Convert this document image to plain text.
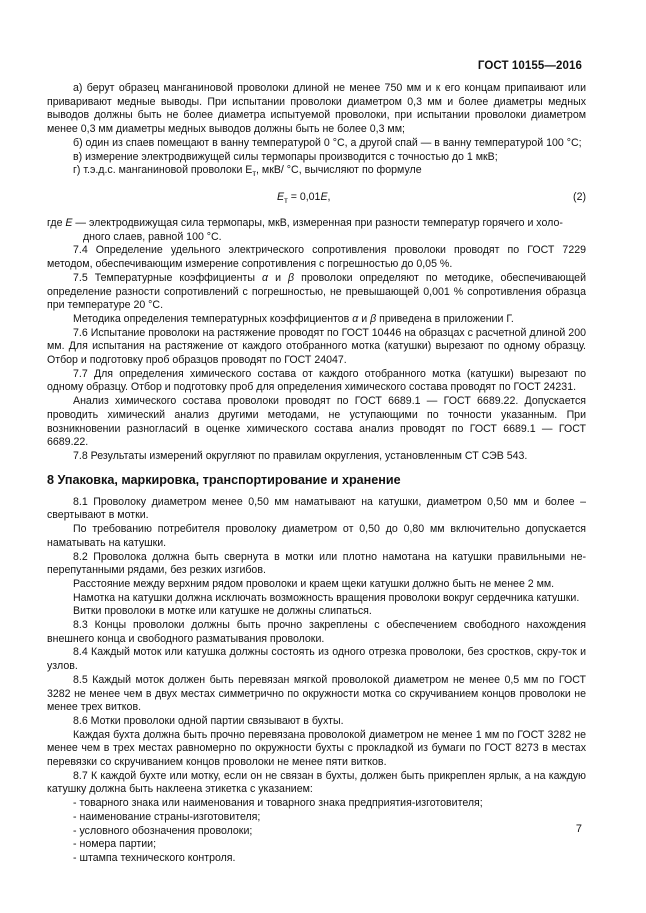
ГОСТ 10155—2016

а) берут образец манганиновой проволоки длиной не менее 750 мм и к его концам припаивают или приваривают медные выводы. При испытании проволоки диаметром 0,3 мм и более диаметры медных выводов должны быть не более диаметра испытуемой проволоки, при испытании проволоки диаметром менее 0,3 мм диаметры медных выводов должны быть не более 0,3 мм;

б) один из спаев помещают в ванну температурой 0 °С, а другой спай — в ванну температурой 100 °С;

в) измерение электродвижущей силы термопары производится с точностью до 1 мкВ;

г) т.э.д.с. манганиновой проволоки $E_т$, мкВ/ °С, вычисляют по формуле

$E_т = 0,01E$,	(2)
где E — электродвижущая сила термопары, мкВ, измеренная при разности температур горячего и холо-
дного слаев, равной 100 °С.

7.4 Определение удельного электрического сопротивления проволоки проводят по ГОСТ 7229 методом, обеспечивающим измерение сопротивления с погрешностью до 0,05 %.

7.5 Температурные коэффициенты α и β проволоки определяют по методике, обеспечивающей определение разности сопротивлений с погрешностью, не превышающей 0,001 % сопротивления образца при температуре 20 °С.

Методика определения температурных коэффициентов α и β приведена в приложении Г.

7.6 Испытание проволоки на растяжение проводят по ГОСТ 10446 на образцах с расчетной длиной 200 мм. Для испытания на растяжение от каждого отобранного мотка (катушки) вырезают по одному образцу. Отбор и подготовку проб образцов проводят по ГОСТ 24047.

7.7 Для определения химического состава от каждого отобранного мотка (катушки) вырезают по одному образцу. Отбор и подготовку проб для определения химического состава проводят по ГОСТ 24231.

Анализ химического состава проволоки проводят по ГОСТ 6689.1 — ГОСТ 6689.22. Допускается проводить химический анализ другими методами, не уступающими по точности указанным. При возникновении разногласий в оценке химического состава анализ проводят по ГОСТ 6689.1 — ГОСТ 6689.22.

7.8 Результаты измерений округляют по правилам округления, установленным СТ СЭВ 543.

8 Упаковка, маркировка, транспортирование и хранение

8.1 Проволоку диаметром менее 0,50 мм наматывают на катушки, диаметром 0,50 мм и более – свертывают в мотки.

По требованию потребителя проволоку диаметром от 0,50 до 0,80 мм включительно допускается наматывать на катушки.

8.2 Проволока должна быть свернута в мотки или плотно намотана на катушки правильными не-перепутанными рядами, без резких изгибов.

Расстояние между верхним рядом проволоки и краем щеки катушки должно быть не менее 2 мм.

Намотка на катушки должна исключать возможность вращения проволоки вокруг сердечника катушки.

Витки проволоки в мотке или катушке не должны слипаться.

8.3 Концы проволоки должны быть прочно закреплены с обеспечением свободного нахождения внешнего конца и свободного разматывания проволоки.

8.4 Каждый моток или катушка должны состоять из одного отрезка проволоки, без сростков, скру-ток и узлов.

8.5 Каждый моток должен быть перевязан мягкой проволокой диаметром не менее 0,5 мм по ГОСТ 3282 не менее чем в двух местах симметрично по окружности мотка со скручиванием концов проволоки не менее трех витков.

8.6 Мотки проволоки одной партии связывают в бухты.

Каждая бухта должна быть прочно перевязана проволокой диаметром не менее 1 мм по ГОСТ 3282 не менее чем в трех местах равномерно по окружности бухты с прокладкой из бумаги по ГОСТ 8273 в местах перевязки со скручиванием концов проволоки не менее пяти витков.

8.7 К каждой бухте или мотку, если он не связан в бухты, должен быть прикреплен ярлык, а на каждую катушку должна быть наклеена этикетка с указанием:

- товарного знака или наименования и товарного знака предприятия-изготовителя;
- наименование страны-изготовителя;
- условного обозначения проволоки;
- номера партии;
- штампа технического контроля.
7
